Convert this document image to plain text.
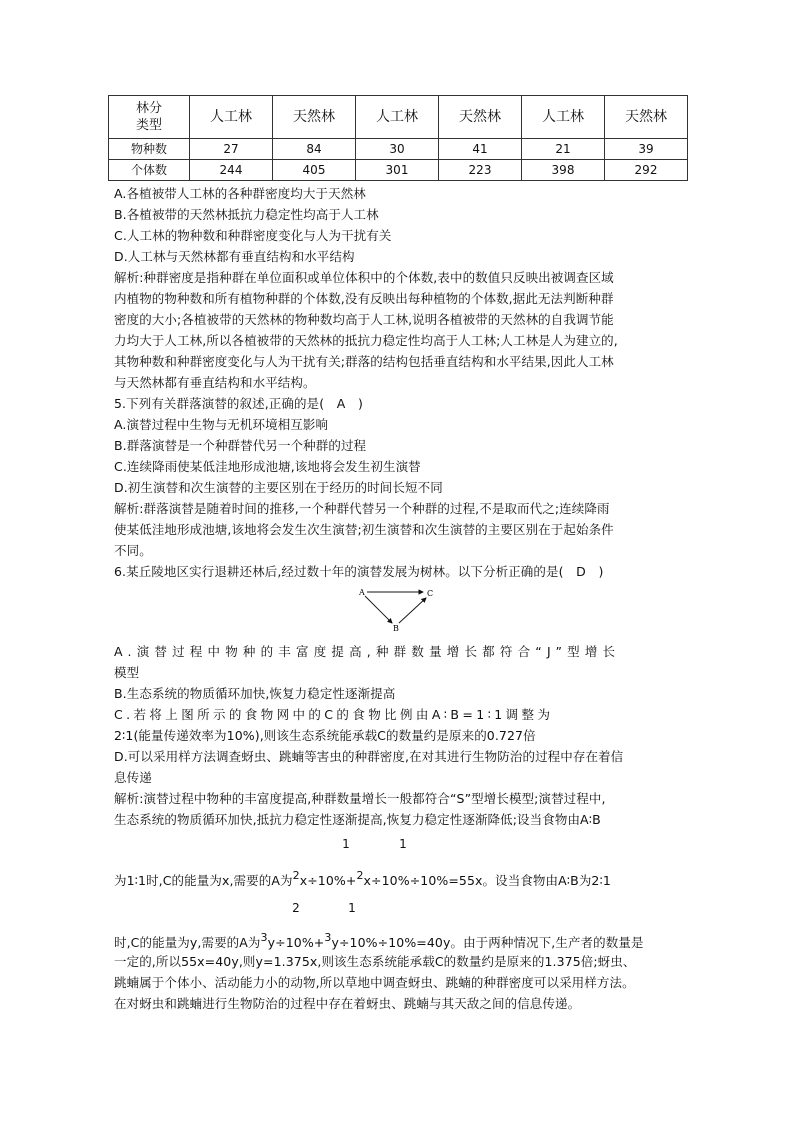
林分
类型	人工林	天然林	人工林	天然林	人工林	天然林
物种数	27	84	30	41	21	39
个体数	244	405	301	223	398	292
A.各植被带人工林的各种群密度均大于天然林
B.各植被带的天然林抵抗力稳定性均高于人工林
C.人工林的物种数和种群密度变化与人为干扰有关
D.人工林与天然林都有垂直结构和水平结构
解析:种群密度是指种群在单位面积或单位体积中的个体数,表中的数值只反映出被调查区域
内植物的物种数和所有植物种群的个体数,没有反映出每种植物的个体数,据此无法判断种群
密度的大小;各植被带的天然林的物种数均高于人工林,说明各植被带的天然林的自我调节能
力均大于人工林,所以各植被带的天然林的抵抗力稳定性均高于人工林;人工林是人为建立的,
其物种数和种群密度变化与人为干扰有关;群落的结构包括垂直结构和水平结果,因此人工林
与天然林都有垂直结构和水平结构。
5.下列有关群落演替的叙述,正确的是(　A　)
A.演替过程中生物与无机环境相互影响
B.群落演替是一个种群替代另一个种群的过程
C.连续降雨使某低洼地形成池塘,该地将会发生初生演替
D.初生演替和次生演替的主要区别在于经历的时间长短不同
解析:群落演替是随着时间的推移,一个种群代替另一个种群的过程,不是取而代之;连续降雨
使某低洼地形成池塘,该地将会发生次生演替;初生演替和次生演替的主要区别在于起始条件
不同。
6.某丘陵地区实行退耕还林后,经过数十年的演替发展为树林。以下分析正确的是(　D　)
A	C
B
A.演替过程中物种的丰富度提高,种群数量增长都符合“J”型增长
模型
B.生态系统的物质循环加快,恢复力稳定性逐渐提高
C.若将上图所示的食物网中的C的食物比例由A∶B=1∶1调整为
2∶1(能量传递效率为10%),则该生态系统能承载C的数量约是原来的0.727倍
D.可以采用样方法调查蚜虫、跳蝻等害虫的种群密度,在对其进行生物防治的过程中存在着信
息传递
解析:演替过程中物种的丰富度提高,种群数量增长一般都符合“S”型增长模型;演替过程中,
生态系统的物质循环加快,抵抗力稳定性逐渐提高,恢复力稳定性逐渐降低;设当食物由A∶B
1	1
为1∶1时,C的能量为x,需要的A为$^2$x÷10%+$^2$x÷10%÷10%=55x。设当食物由A∶B为2∶1
2	1
时,C的能量为y,需要的A为$^3$y÷10%+$^3$y÷10%÷10%=40y。由于两种情况下,生产者的数量是
一定的,所以55x=40y,则y=1.375x,则该生态系统能承载C的数量约是原来的1.375倍;蚜虫、
跳蝻属于个体小、活动能力小的动物,所以草地中调查蚜虫、跳蝻的种群密度可以采用样方法。
在对蚜虫和跳蝻进行生物防治的过程中存在着蚜虫、跳蝻与其天敌之间的信息传递。
